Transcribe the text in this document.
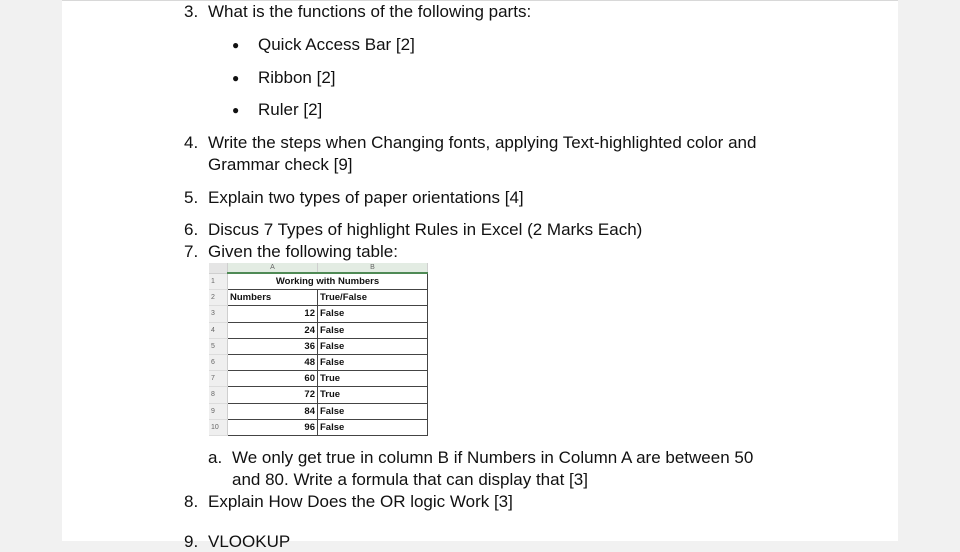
3. What is the functions of the following parts:
● Quick Access Bar [2]
● Ribbon [2]
● Ruler [2]
4. Write the steps when Changing fonts, applying Text-highlighted color and
Grammar check [9]
5. Explain two types of paper orientations [4]
6. Discus 7 Types of highlight Rules in Excel (2 Marks Each)
7. Given the following table:
	A	B
1	Working with Numbers	
2	Numbers	True/False
3	12	False
4	24	False
5	36	False
6	48	False
7	60	True
8	72	True
9	84	False
10	96	False
a. We only get true in column B if Numbers in Column A are between 50
and 80. Write a formula that can display that [3]
8. Explain How Does the OR logic Work [3]
9. VLOOKUP
